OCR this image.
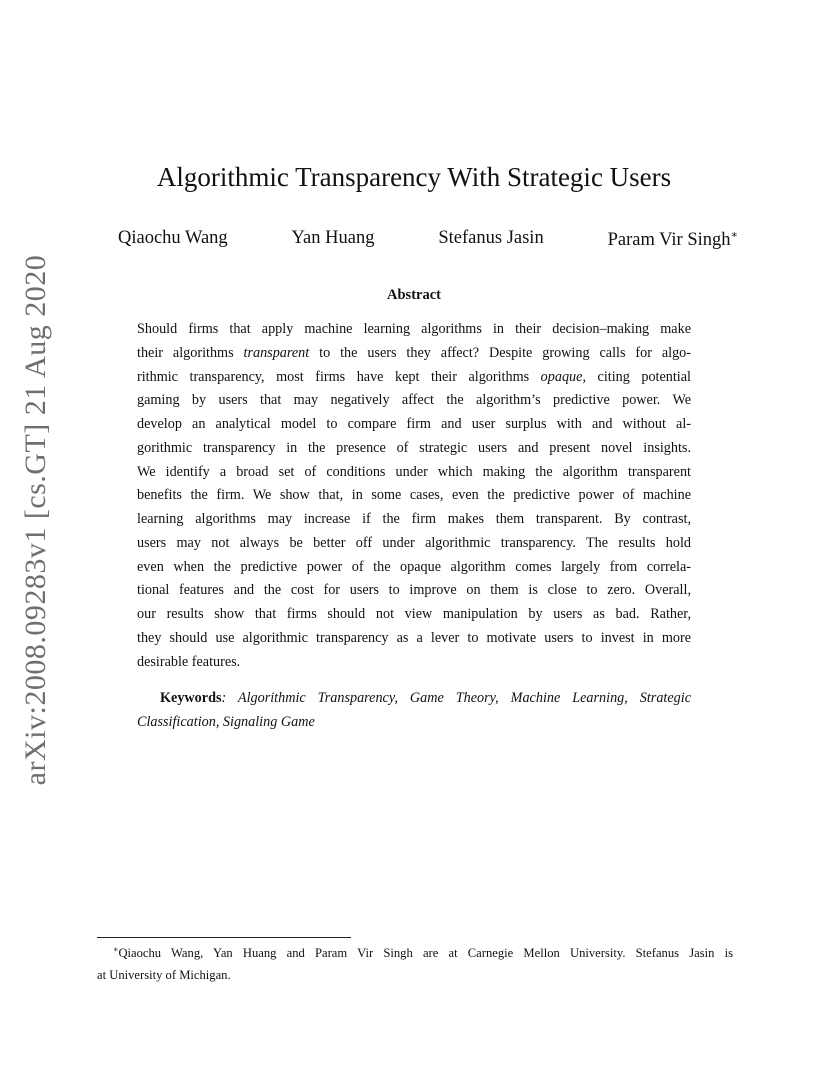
arXiv:2008.09283v1 [cs.GT] 21 Aug 2020
Algorithmic Transparency With Strategic Users
Qiaochu Wang	Yan Huang	Stefanus Jasin	Param Vir Singh∗
Abstract
Should firms that apply machine learning algorithms in their decision–making make
their algorithms transparent to the users they affect? Despite growing calls for algo-
rithmic transparency, most firms have kept their algorithms opaque, citing potential
gaming by users that may negatively affect the algorithm’s predictive power. We
develop an analytical model to compare firm and user surplus with and without al-
gorithmic transparency in the presence of strategic users and present novel insights.
We identify a broad set of conditions under which making the algorithm transparent
benefits the firm. We show that, in some cases, even the predictive power of machine
learning algorithms may increase if the firm makes them transparent. By contrast,
users may not always be better off under algorithmic transparency. The results hold
even when the predictive power of the opaque algorithm comes largely from correla-
tional features and the cost for users to improve on them is close to zero. Overall,
our results show that firms should not view manipulation by users as bad. Rather,
they should use algorithmic transparency as a lever to motivate users to invest in more
desirable features.
Keywords: Algorithmic Transparency, Game Theory, Machine Learning, Strategic
Classification, Signaling Game
∗Qiaochu Wang, Yan Huang and Param Vir Singh are at Carnegie Mellon University. Stefanus Jasin is
at University of Michigan.
